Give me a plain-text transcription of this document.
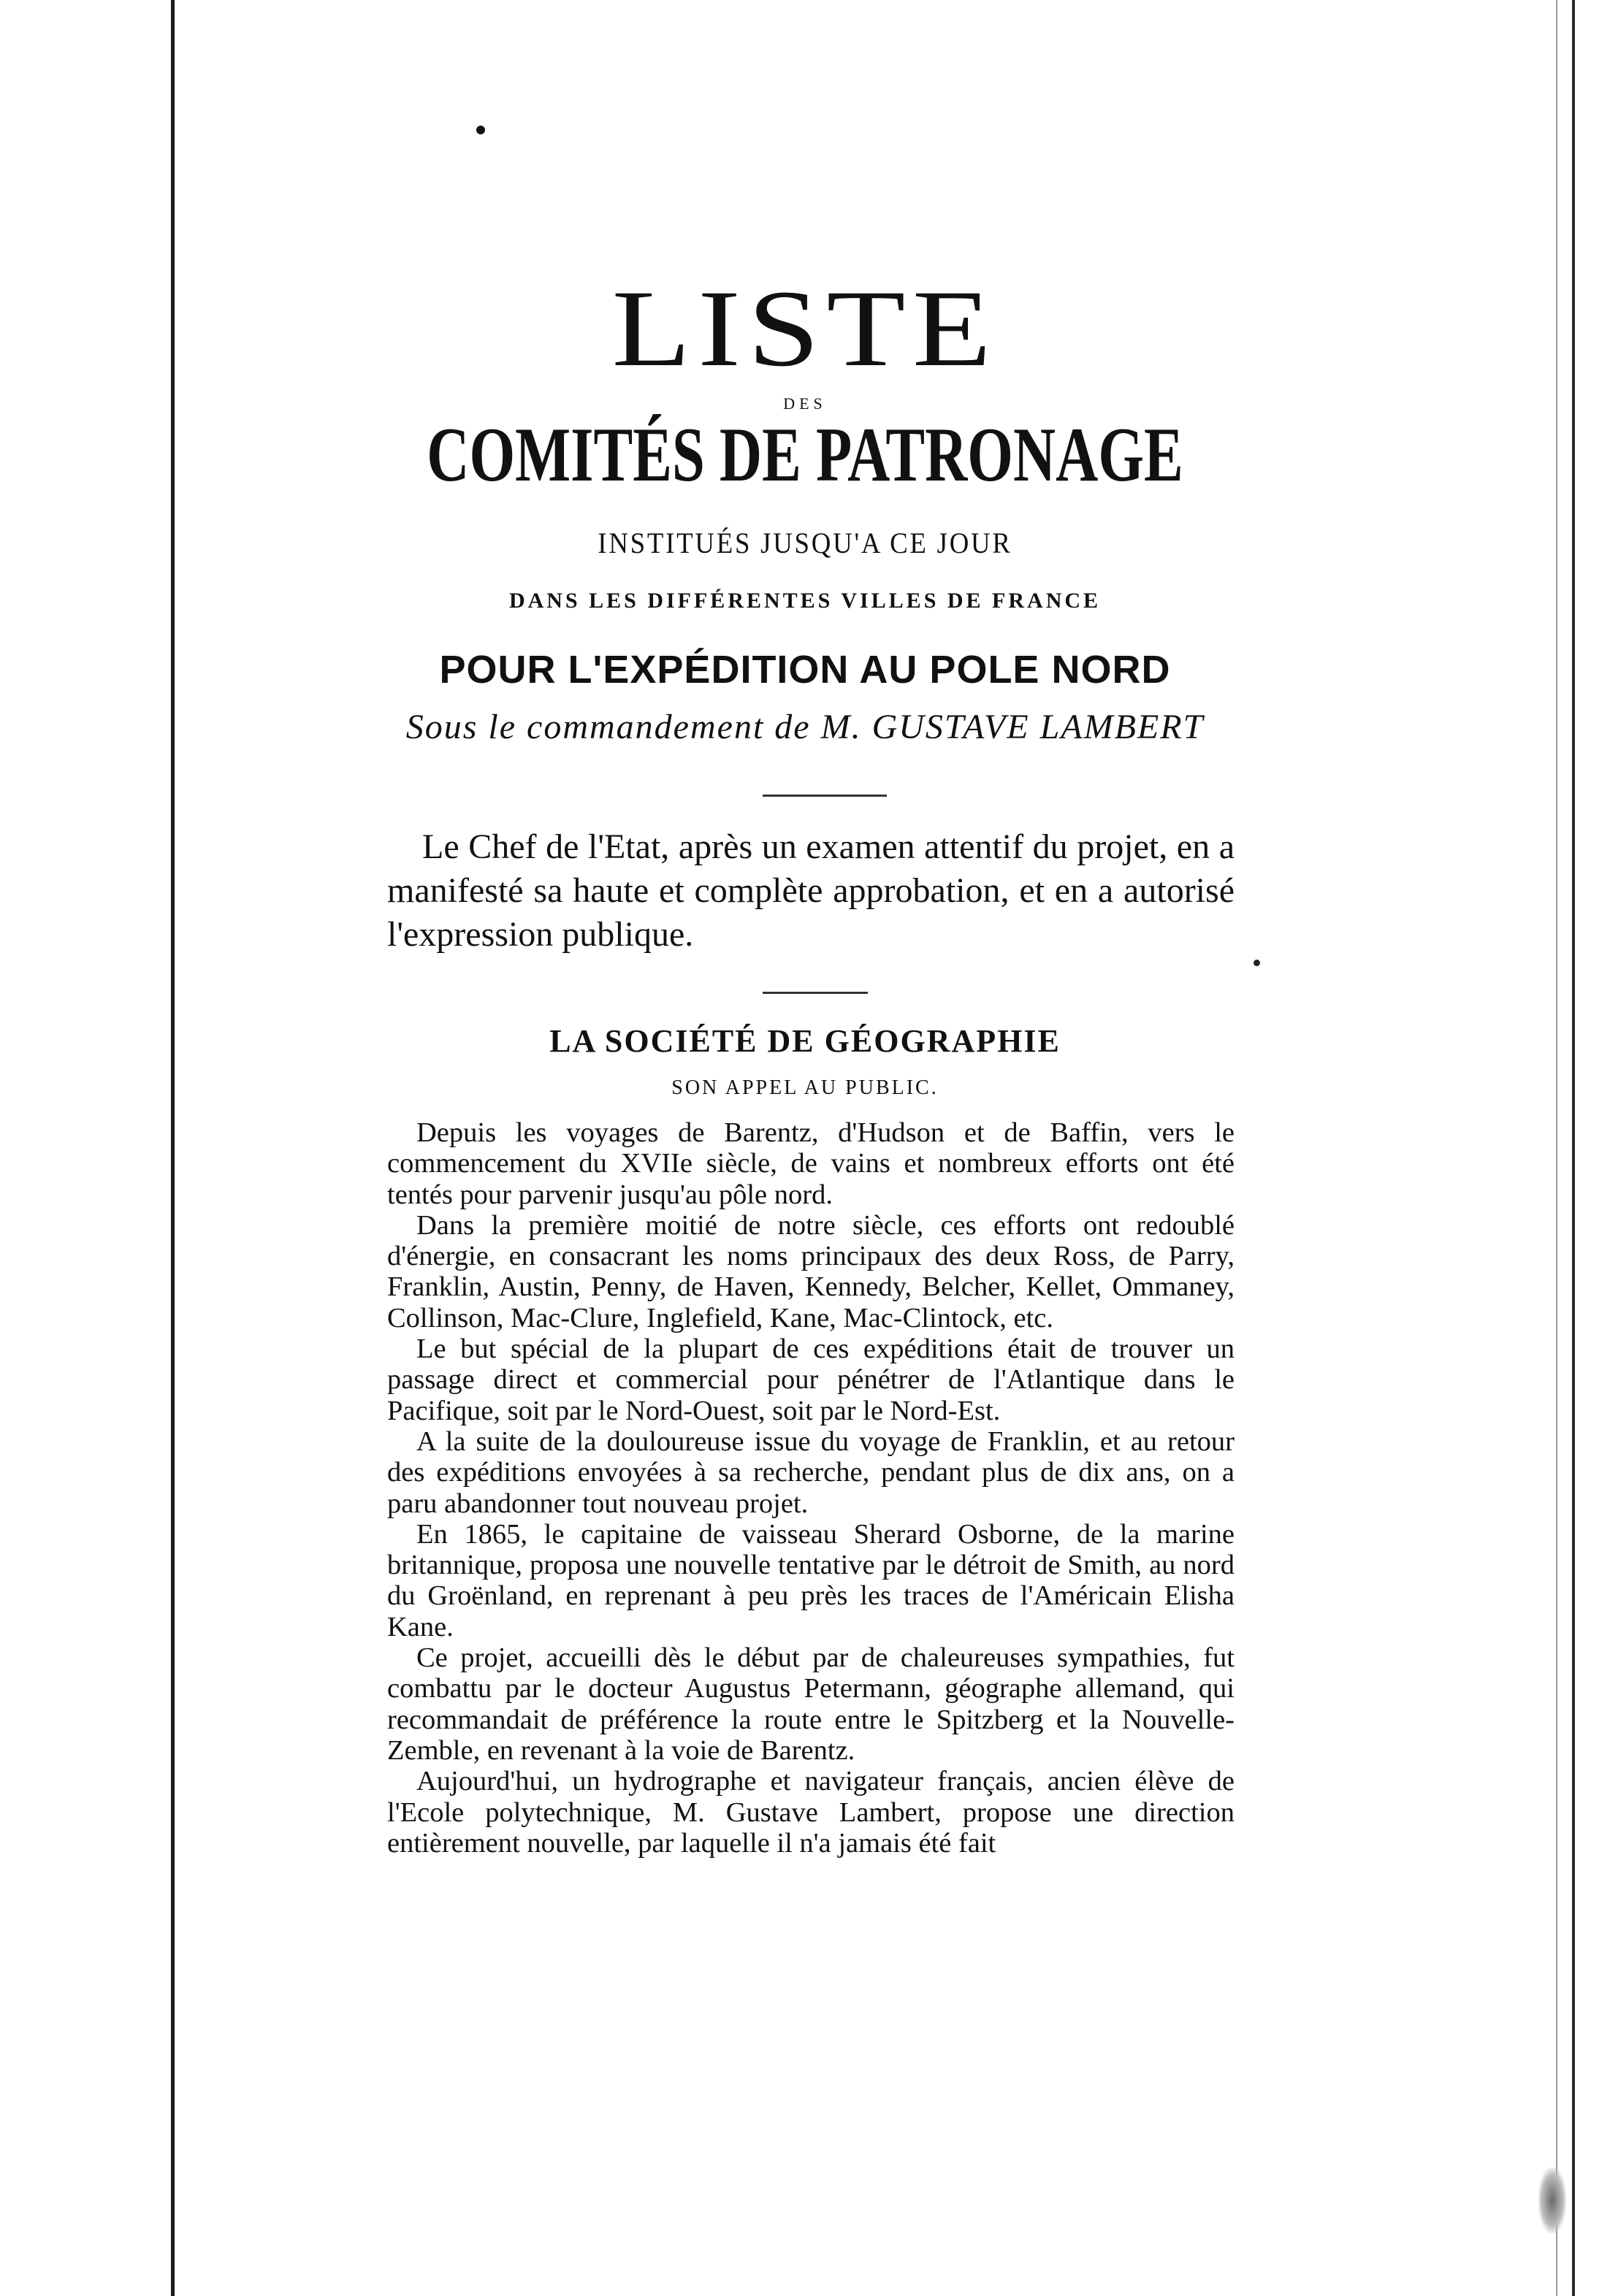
LISTE
DES
COMITÉS DE PATRONAGE
INSTITUÉS JUSQU'A CE JOUR
DANS LES DIFFÉRENTES VILLES DE FRANCE
POUR L'EXPÉDITION AU POLE NORD
Sous le commandement de M. GUSTAVE LAMBERT
Le Chef de l'Etat, après un examen attentif du projet, en a manifesté sa haute et complète approbation, et en a autorisé l'expression publique.
LA SOCIÉTÉ DE GÉOGRAPHIE
SON APPEL AU PUBLIC.

Depuis les voyages de Barentz, d'Hudson et de Baffin, vers le commencement du XVIIe siècle, de vains et nombreux efforts ont été tentés pour parvenir jusqu'au pôle nord.

Dans la première moitié de notre siècle, ces efforts ont redoublé d'énergie, en consacrant les noms principaux des deux Ross, de Parry, Franklin, Austin, Penny, de Haven, Kennedy, Belcher, Kellet, Ommaney, Collinson, Mac-Clure, Inglefield, Kane, Mac-Clintock, etc.

Le but spécial de la plupart de ces expéditions était de trouver un passage direct et commercial pour pénétrer de l'Atlantique dans le Pacifique, soit par le Nord-Ouest, soit par le Nord-Est.

A la suite de la douloureuse issue du voyage de Franklin, et au retour des expéditions envoyées à sa recherche, pendant plus de dix ans, on a paru abandonner tout nouveau projet.

En 1865, le capitaine de vaisseau Sherard Osborne, de la marine britannique, proposa une nouvelle tentative par le détroit de Smith, au nord du Groënland, en reprenant à peu près les traces de l'Américain Elisha Kane.

Ce projet, accueilli dès le début par de chaleureuses sympathies, fut combattu par le docteur Augustus Petermann, géographe allemand, qui recommandait de préférence la route entre le Spitzberg et la Nouvelle-Zemble, en revenant à la voie de Barentz.

Aujourd'hui, un hydrographe et navigateur français, ancien élève de l'Ecole polytechnique, M. Gustave Lambert, propose une direction entièrement nouvelle, par laquelle il n'a jamais été fait
